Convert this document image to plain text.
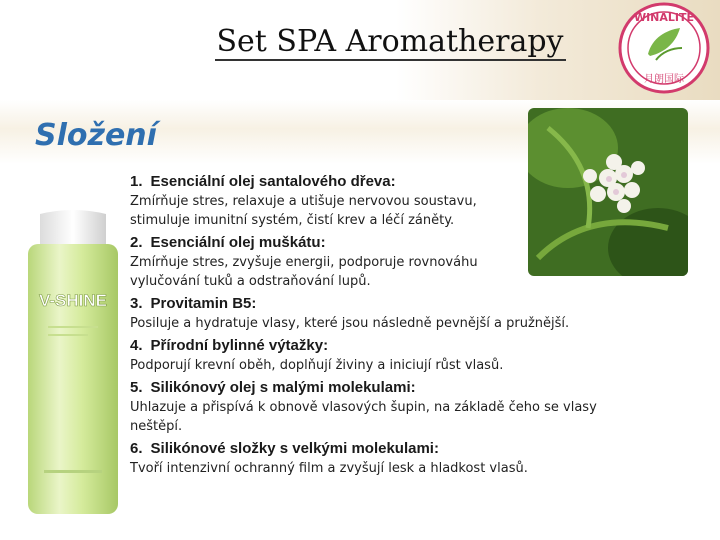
Set SPA Aromatherapy
WINALITE
月朗国际
Složení
V-SHINE
1. Esenciální olej santalového dřeva:
Zmírňuje stres, relaxuje a utišuje nervovou soustavu,
stimuluje imunitní systém, čistí krev a léčí záněty.
2. Esenciální olej muškátu:
Zmírňuje stres, zvyšuje energii, podporuje rovnováhu
vylučování tuků a odstraňování lupů.
3. Provitamin B5:
Posiluje a hydratuje vlasy, které jsou následně pevnější a pružnější.
4. Přírodní bylinné výtažky:
Podporují krevní oběh, doplňují živiny a iniciují růst vlasů.
5. Silikónový olej s malými molekulami:
Uhlazuje a přispívá k obnově vlasových šupin, na základě čeho se vlasy
neštěpí.
6. Silikónové složky s velkými molekulami:
Tvoří intenzivní ochranný film a zvyšují lesk a hladkost vlasů.
